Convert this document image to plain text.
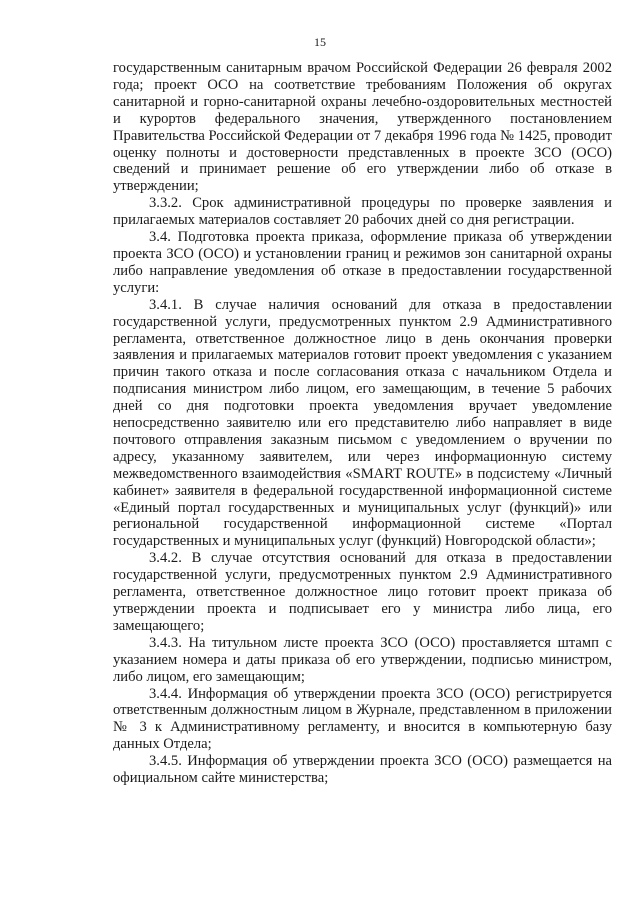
15

государственным санитарным врачом Российской Федерации 26 февраля 2002 года; проект ОСО на соответствие требованиям Положения об округах санитарной и горно-санитарной охраны лечебно-оздоровительных местностей и курортов федерального значения, утвержденного постановлением Правительства Российской Федерации от 7 декабря 1996 года № 1425, проводит оценку полноты и достоверности представленных в проекте ЗСО (ОСО) сведений и принимает решение об его утверждении либо об отказе в утверждении;

3.3.2. Срок административной процедуры по проверке заявления и прилагаемых материалов составляет 20 рабочих дней со дня регистрации.

3.4. Подготовка проекта приказа, оформление приказа об утверждении проекта ЗСО (ОСО) и установлении границ и режимов зон санитарной охраны либо направление уведомления об отказе в предоставлении государственной услуги:

3.4.1. В случае наличия оснований для отказа в предоставлении государственной услуги, предусмотренных пунктом 2.9 Административного регламента, ответственное должностное лицо в день окончания проверки заявления и прилагаемых материалов готовит проект уведомления с указанием причин такого отказа и после согласования отказа с начальником Отдела и подписания министром либо лицом, его замещающим, в течение 5 рабочих дней со дня подготовки проекта уведомления вручает уведомление непосредственно заявителю или его представителю либо направляет в виде почтового отправления заказным письмом с уведомлением о вручении по адресу, указанному заявителем, или через информационную систему межведомственного взаимодействия «SMART ROUTE» в подсистему «Личный кабинет» заявителя в федеральной государственной информационной системе «Единый портал государственных и муниципальных услуг (функций)» или региональной государственной информационной системе «Портал государственных и муниципальных услуг (функций) Новгородской области»;

3.4.2. В случае отсутствия оснований для отказа в предоставлении государственной услуги, предусмотренных пунктом 2.9 Административного регламента, ответственное должностное лицо готовит проект приказа об утверждении проекта и подписывает его у министра либо лица, его замещающего;

3.4.3. На титульном листе проекта ЗСО (ОСО) проставляется штамп с указанием номера и даты приказа об его утверждении, подписью министром, либо лицом, его замещающим;

3.4.4. Информация об утверждении проекта ЗСО (ОСО) регистрируется ответственным должностным лицом в Журнале, представленном в приложении № 3 к Административному регламенту, и вносится в компьютерную базу данных Отдела;

3.4.5. Информация об утверждении проекта ЗСО (ОСО) размещается на официальном сайте министерства;
